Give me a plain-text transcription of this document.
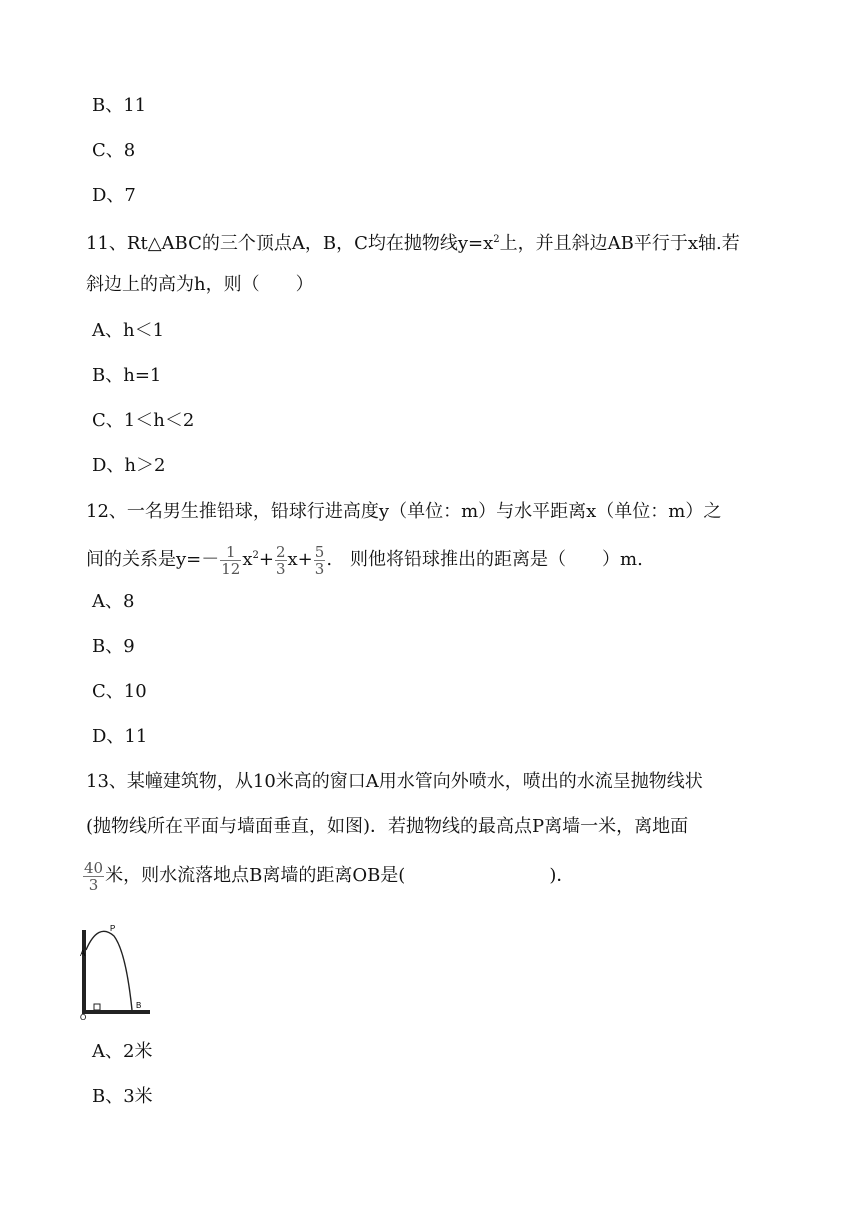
B、11
C、8
D、7
11、Rt△ABC的三个顶点A，B，C均在抛物线$y=x^2$上，并且斜边AB平行于x轴.若
斜边上的高为h，则（　　）
A、h＜1
B、h=1
C、1＜h＜2
D、h＞2
12、一名男生推铅球，铅球行进高度y（单位：m）与水平距离x（单位：m）之
间的关系是$y=- \frac{1}{12} x^2+ \frac{2}{3} x+ \frac{5}{3}$ .　则他将铅球推出的距离是（　　）m.
A、8
B、9
C、10
D、11
13、某幢建筑物，从10米高的窗口A用水管向外喷水，喷出的水流呈抛物线状
(抛物线所在平面与墙面垂直，如图)．若抛物线的最高点P离墙一米，离地面
$\frac{40}{3}$ 米，则水流落地点B离墙的距离OB是(　　　　　　　　)．
P
A
O
B
A、2米
B、3米
